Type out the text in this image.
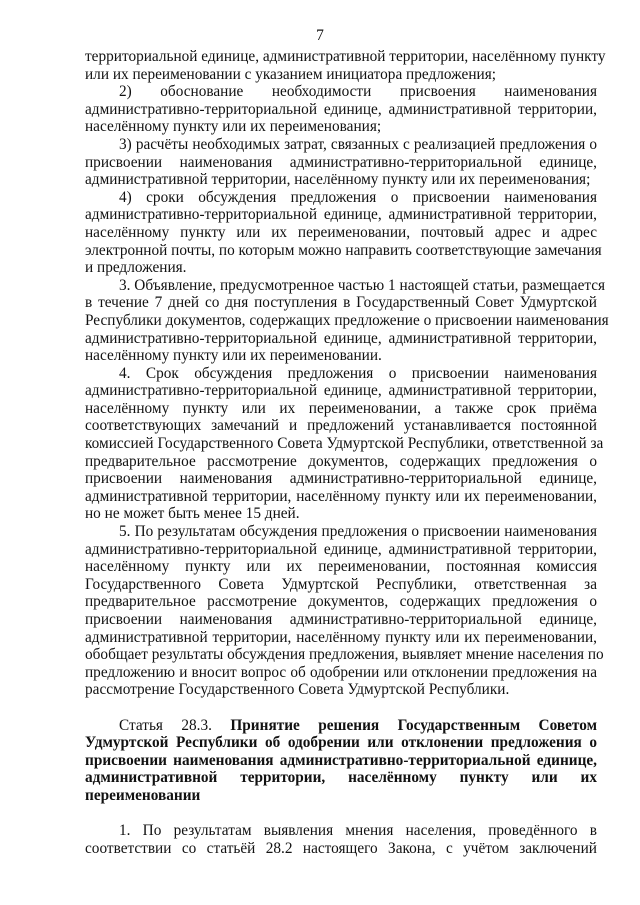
7
территориальной единице, административной территории, населённому пункту
или их переименовании с указанием инициатора предложения;
2) обоснование необходимости присвоения наименования
административно-территориальной единице, административной территории,
населённому пункту или их переименования;
3) расчёты необходимых затрат, связанных с реализацией предложения о
присвоении наименования административно-территориальной единице,
административной территории, населённому пункту или их переименования;
4) сроки обсуждения предложения о присвоении наименования
административно-территориальной единице, административной территории,
населённому пункту или их переименовании, почтовый адрес и адрес
электронной почты, по которым можно направить соответствующие замечания
и предложения.
3. Объявление, предусмотренное частью 1 настоящей статьи, размещается
в течение 7 дней со дня поступления в Государственный Совет Удмуртской
Республики документов, содержащих предложение о присвоении наименования
административно-территориальной единице, административной территории,
населённому пункту или их переименовании.
4. Срок обсуждения предложения о присвоении наименования
административно-территориальной единице, административной территории,
населённому пункту или их переименовании, а также срок приёма
соответствующих замечаний и предложений устанавливается постоянной
комиссией Государственного Совета Удмуртской Республики, ответственной за
предварительное рассмотрение документов, содержащих предложения о
присвоении наименования административно-территориальной единице,
административной территории, населённому пункту или их переименовании,
но не может быть менее 15 дней.
5. По результатам обсуждения предложения о присвоении наименования
административно-территориальной единице, административной территории,
населённому пункту или их переименовании, постоянная комиссия
Государственного Совета Удмуртской Республики, ответственная за
предварительное рассмотрение документов, содержащих предложения о
присвоении наименования административно-территориальной единице,
административной территории, населённому пункту или их переименовании,
обобщает результаты обсуждения предложения, выявляет мнение населения по
предложению и вносит вопрос об одобрении или отклонении предложения на
рассмотрение Государственного Совета Удмуртской Республики.
Статья 28.3. Принятие решения Государственным Советом
Удмуртской Республики об одобрении или отклонении предложения о
присвоении наименования административно-территориальной единице,
административной территории, населённому пункту или их
переименовании
1. По результатам выявления мнения населения, проведённого в
соответствии со статьёй 28.2 настоящего Закона, с учётом заключений
